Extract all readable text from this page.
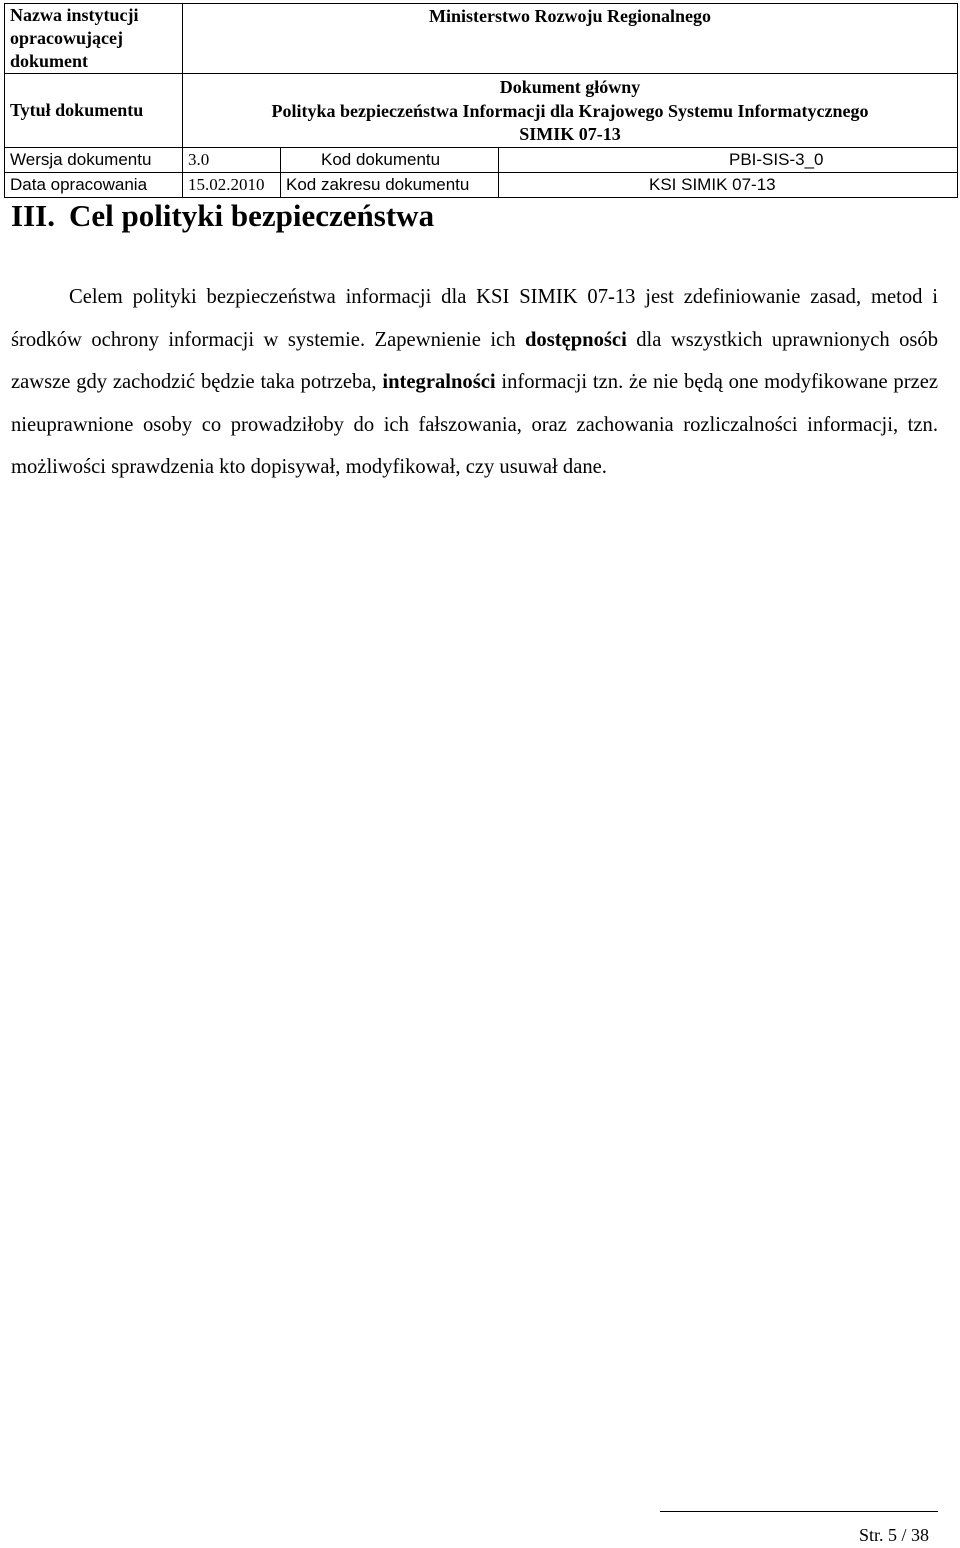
Nazwa instytucji opracowującej dokument	Ministerstwo Rozwoju Regionalnego		
Tytuł dokumentu	Dokument główny
Polityka bezpieczeństwa Informacji dla Krajowego Systemu Informatycznego SIMIK 07-13		

Wersja dokumentu	3.0	Kod dokumentu	PBI-SIS-3_0
Data opracowania	15.02.2010	Kod zakresu dokumentu	KSI SIMIK 07-13
III. Cel polityki bezpieczeństwa

Celem polityki bezpieczeństwa informacji dla KSI SIMIK 07-13 jest zdefiniowanie zasad, metod i środków ochrony informacji w systemie. Zapewnienie ich dostępności dla wszystkich uprawnionych osób zawsze gdy zachodzić będzie taka potrzeba, integralności informacji tzn. że nie będą one modyfikowane przez nieuprawnione osoby co prowadziłoby do ich fałszowania, oraz zachowania rozliczalności informacji, tzn. możliwości sprawdzenia kto dopisywał, modyfikował, czy usuwał dane.

Str. 5 / 38
